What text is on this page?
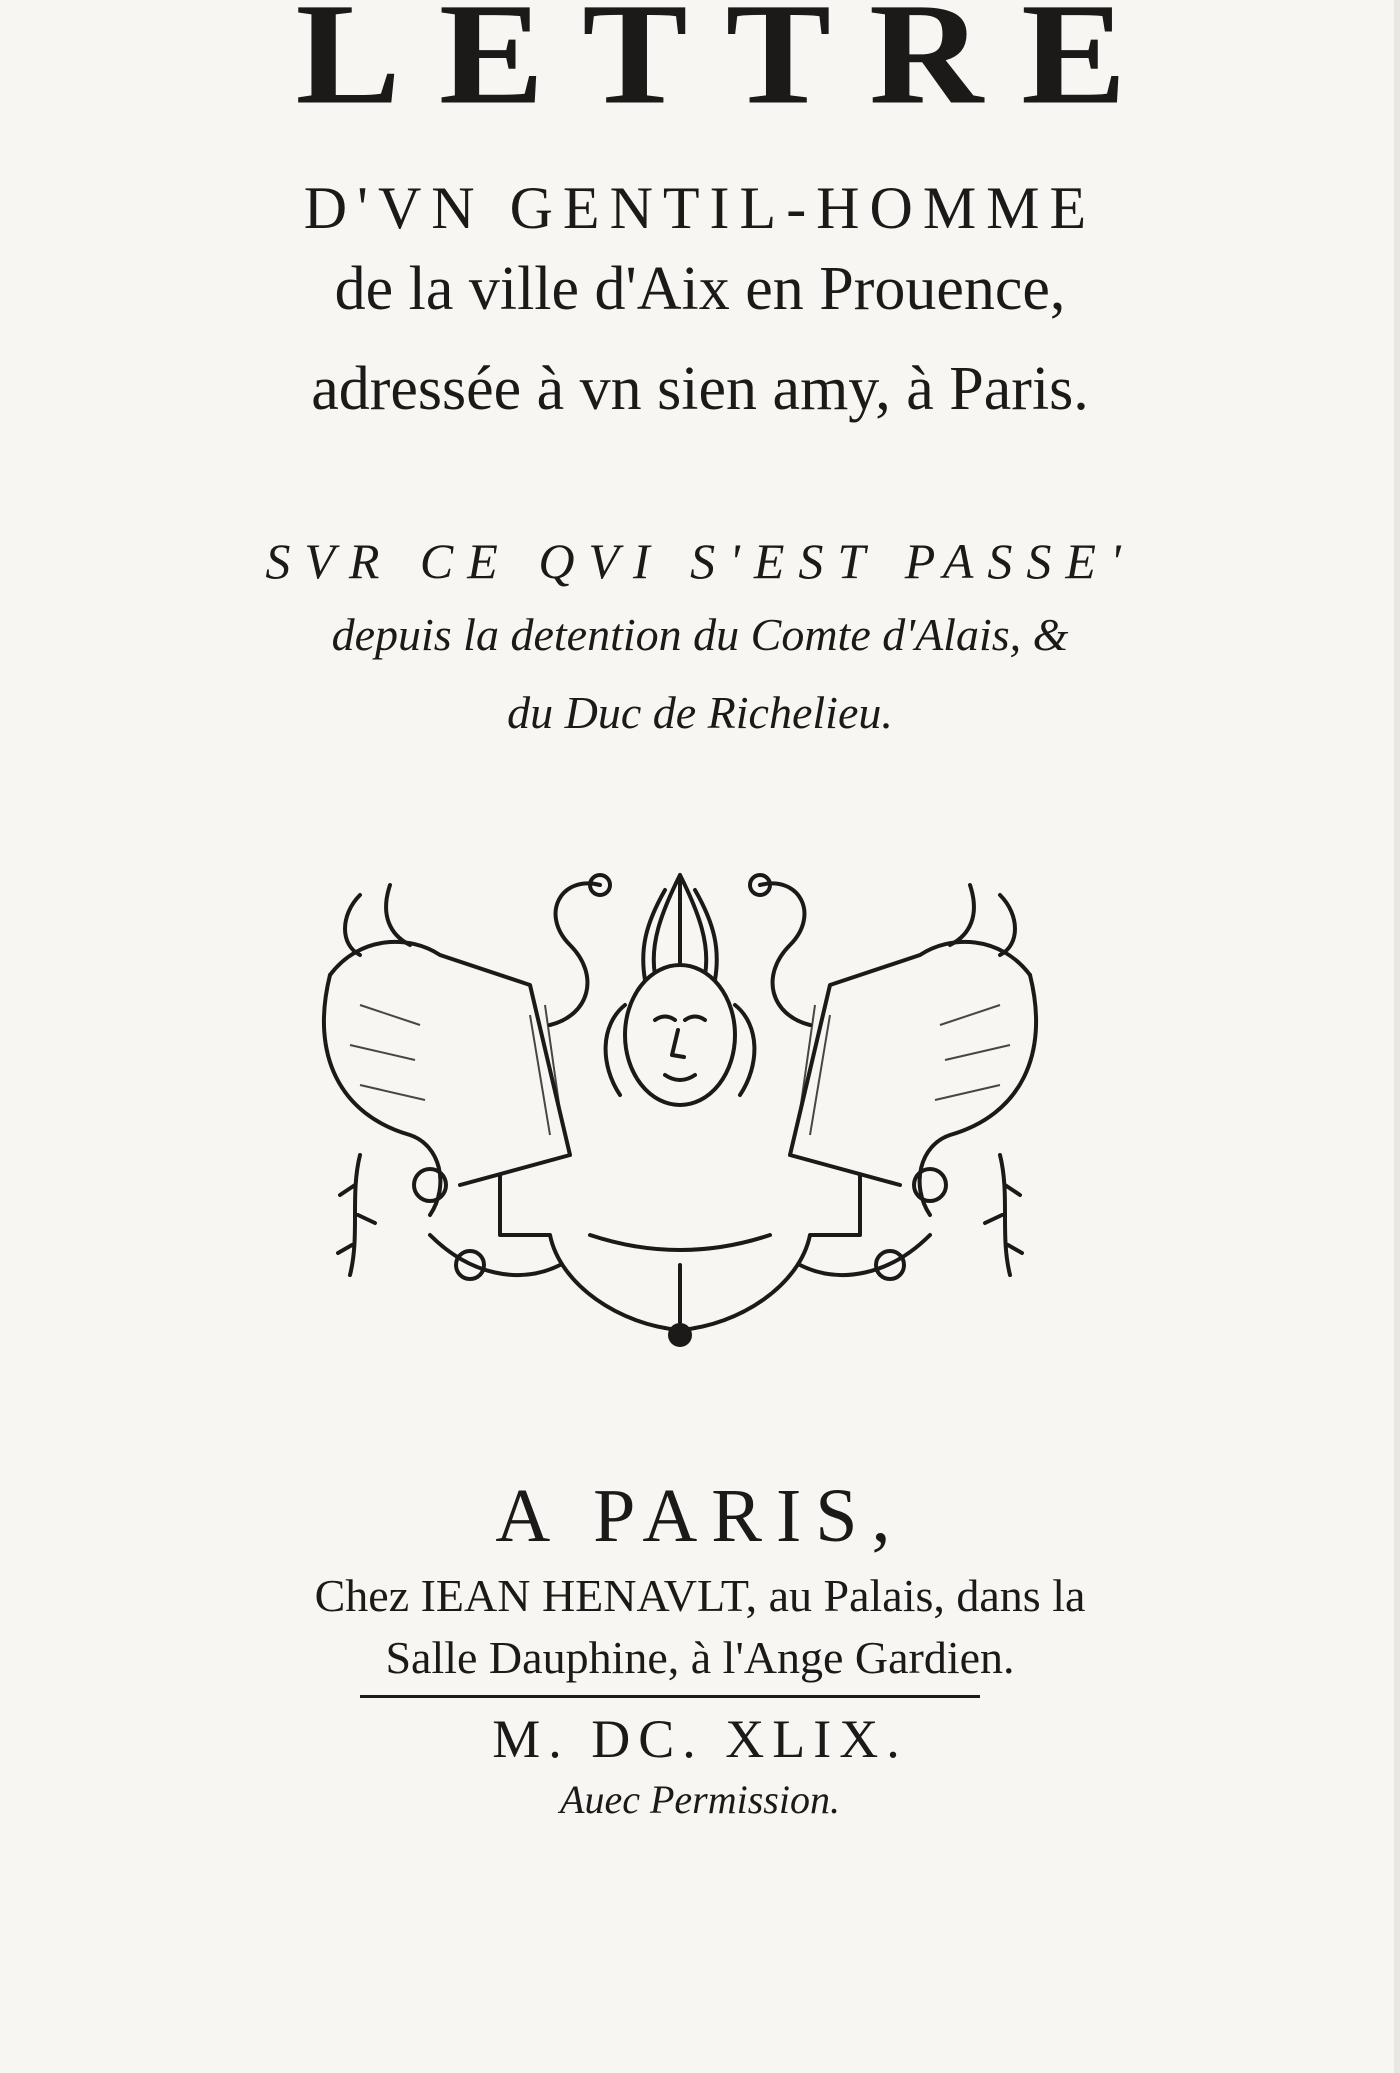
LETTRE
D'VN GENTIL-HOMME
de la ville d'Aix en Prouence,
adressée à vn sien amy, à Paris.
SVR CE QVI S'EST PASSE'
depuis la detention du Comte d'Alais, &
du Duc de Richelieu.
A PARIS,
Chez IEAN HENAVLT, au Palais, dans la
Salle Dauphine, à l'Ange Gardien.
M. DC. XLIX.
Auec Permission.
